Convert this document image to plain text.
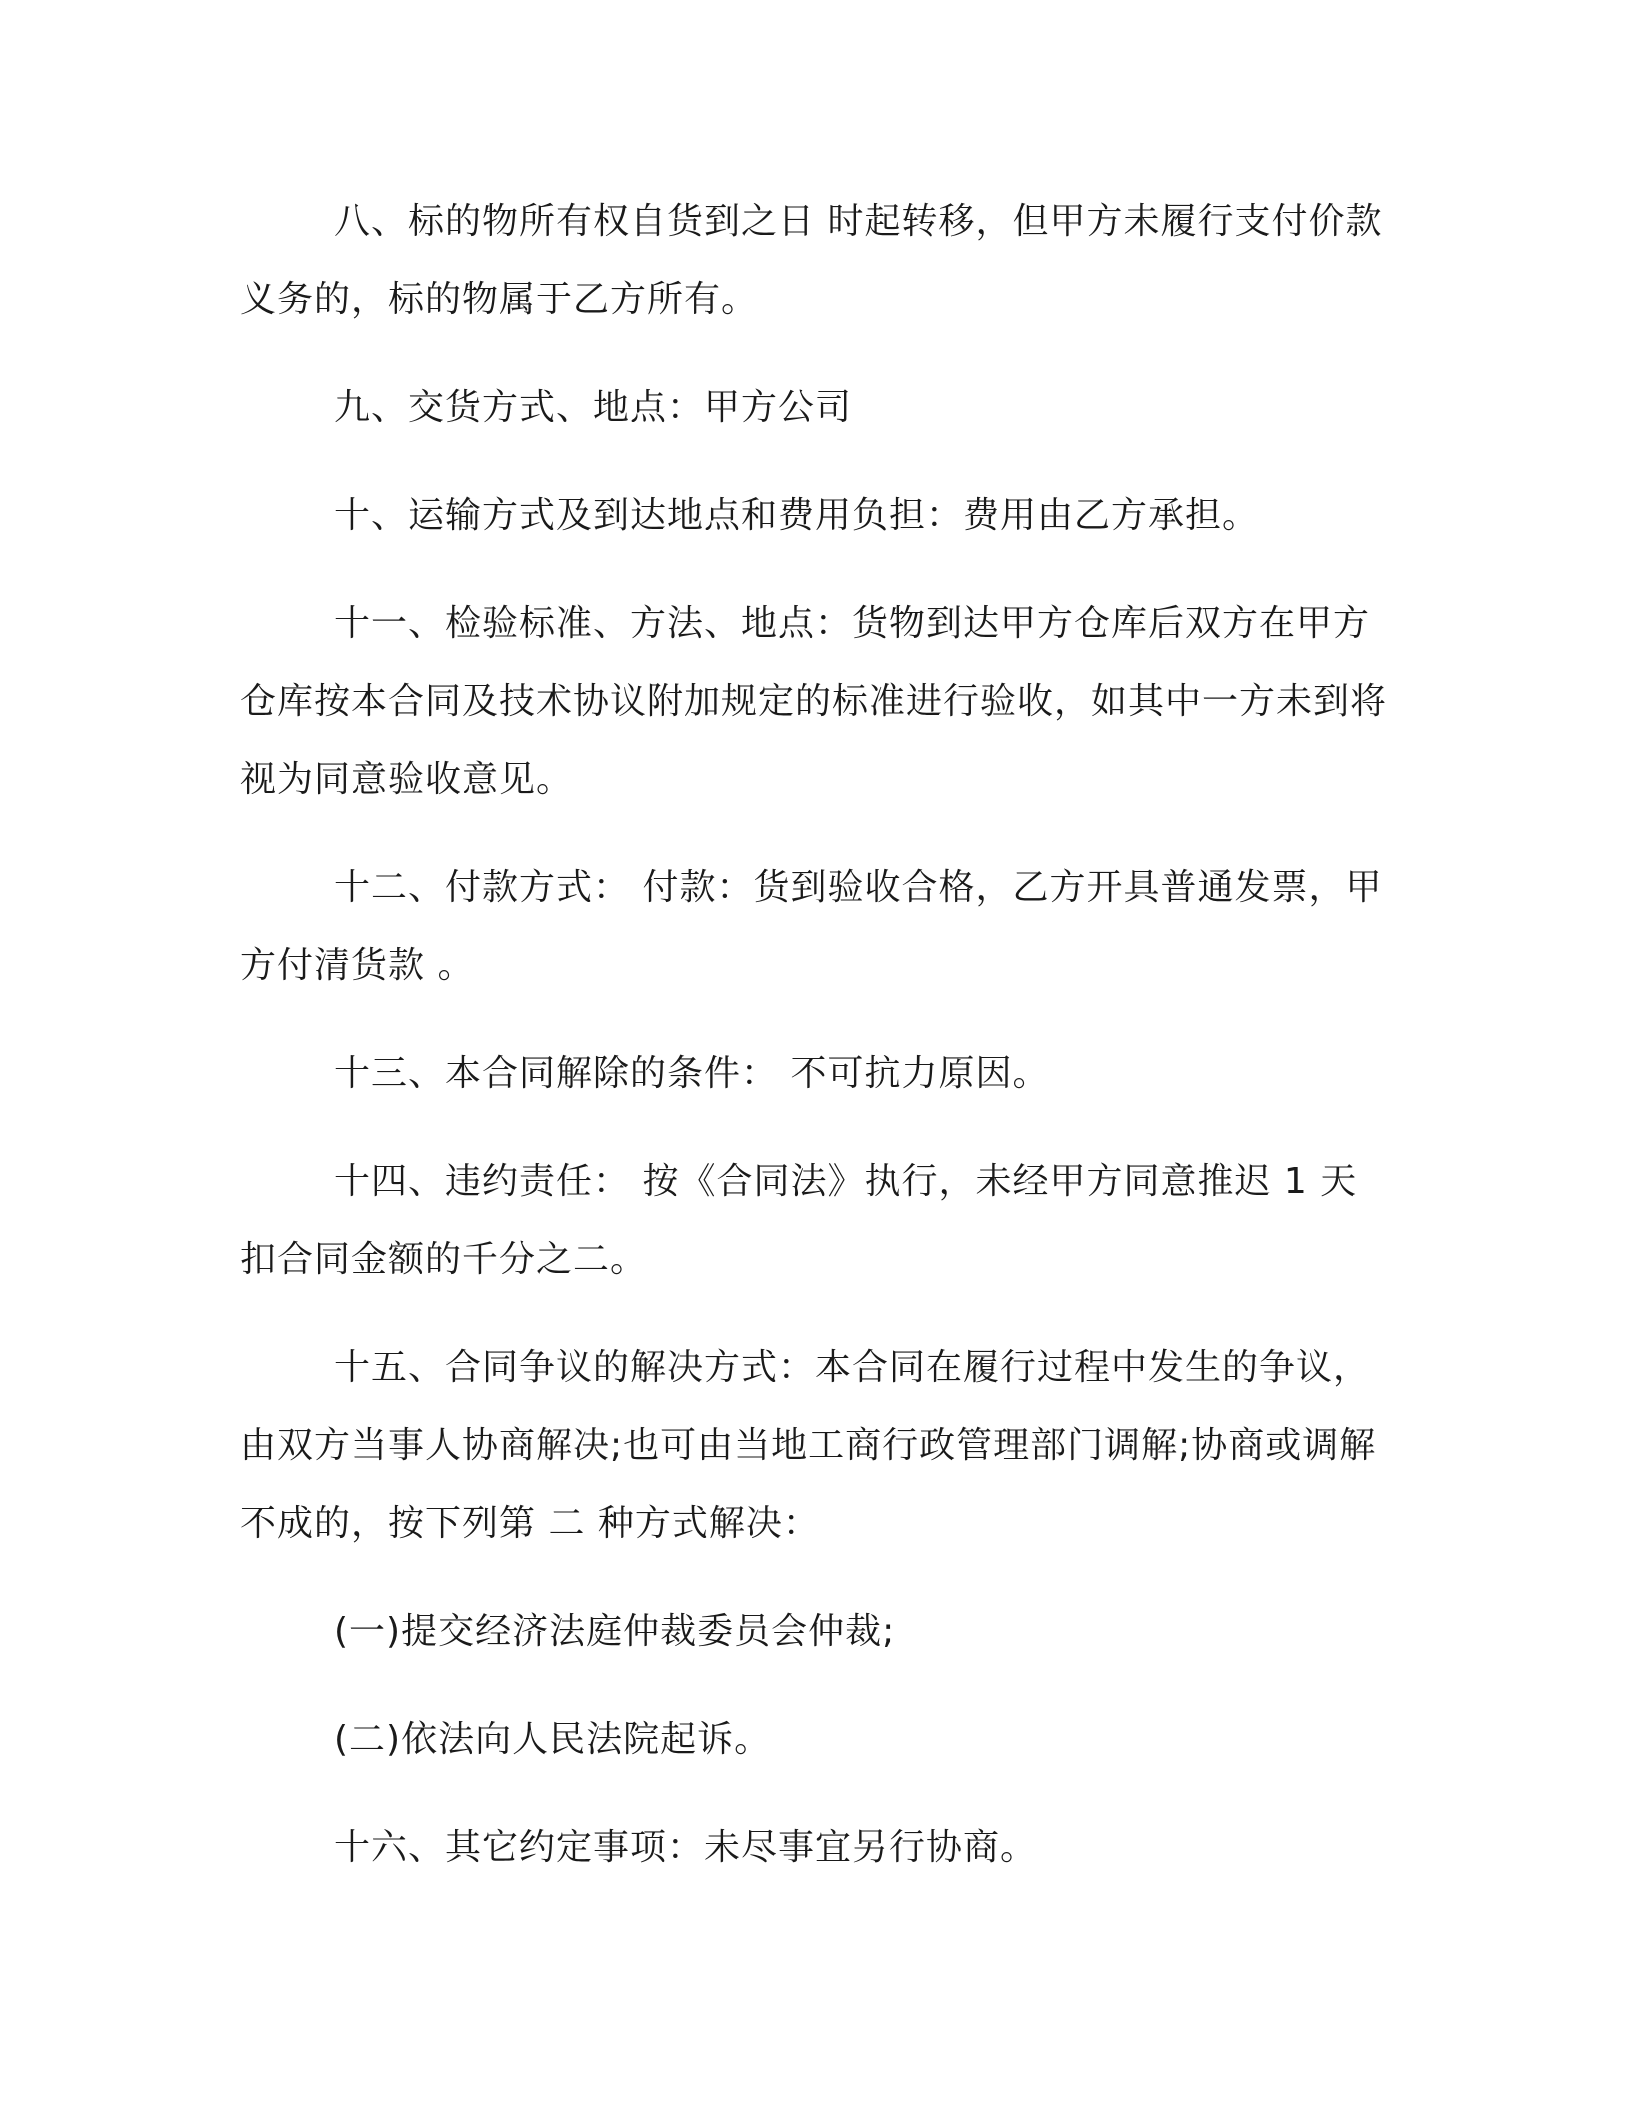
八、标的物所有权自货到之日 时起转移，但甲方未履行支付价款义务的，标的物属于乙方所有。

九、交货方式、地点：甲方公司

十、运输方式及到达地点和费用负担：费用由乙方承担。

十一、检验标准、方法、地点：货物到达甲方仓库后双方在甲方仓库按本合同及技术协议附加规定的标准进行验收，如其中一方未到将视为同意验收意见。

十二、付款方式： 付款：货到验收合格，乙方开具普通发票，甲方付清货款 。

十三、本合同解除的条件： 不可抗力原因。

十四、违约责任： 按《合同法》执行，未经甲方同意推迟 1 天扣合同金额的千分之二。

十五、合同争议的解决方式：本合同在履行过程中发生的争议，由双方当事人协商解决;也可由当地工商行政管理部门调解;协商或调解不成的，按下列第 二 种方式解决：

(一)提交经济法庭仲裁委员会仲裁;

(二)依法向人民法院起诉。

十六、其它约定事项：未尽事宜另行协商。
